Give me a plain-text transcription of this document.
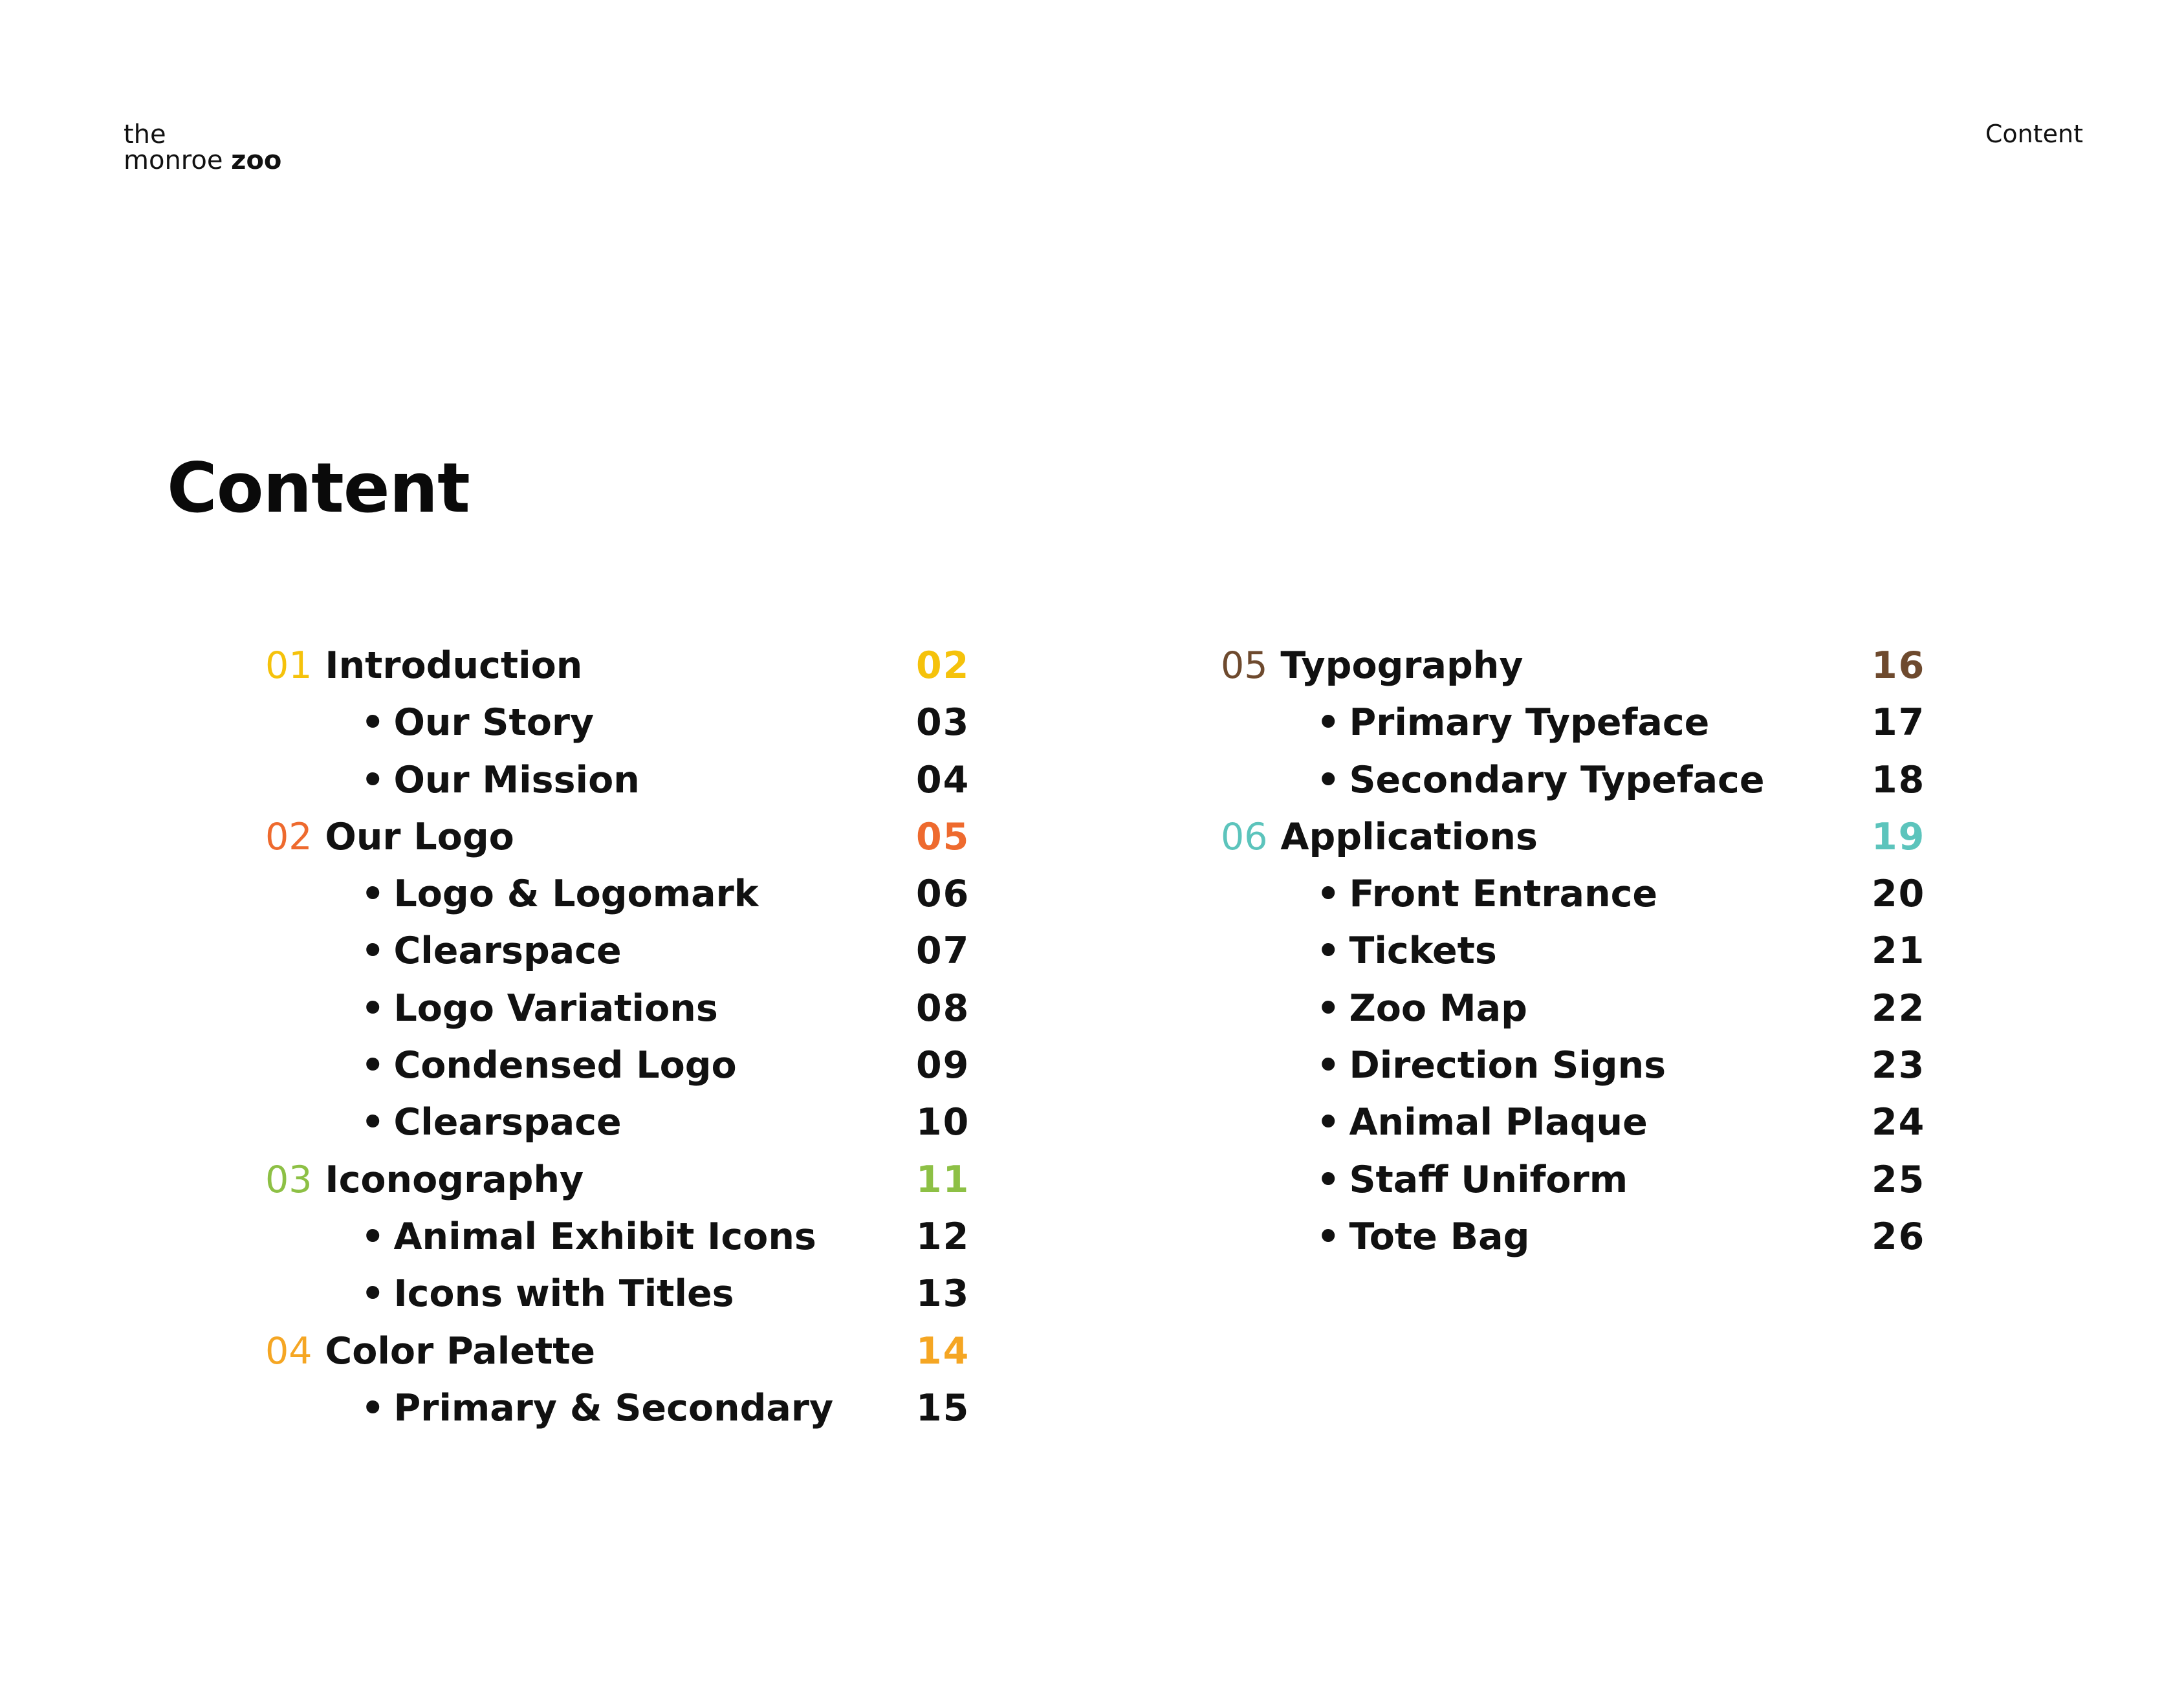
the
monroe zoo
Content
Content
01 Introduction	02
• Our Story	03
• Our Mission	04
02 Our Logo	05
• Logo & Logomark	06
• Clearspace	07
• Logo Variations	08
• Condensed Logo	09
• Clearspace	10
03 Iconography	11
• Animal Exhibit Icons	12
• Icons with Titles	13
04 Color Palette	14
• Primary & Secondary 15
05 Typography	16
• Primary Typeface	17
• Secondary Typeface	18
06 Applications	19
• Front Entrance	20
• Tickets	21
• Zoo Map	22
• Direction Signs	23
• Animal Plaque	24
• Staff Uniform	25
• Tote Bag	26
